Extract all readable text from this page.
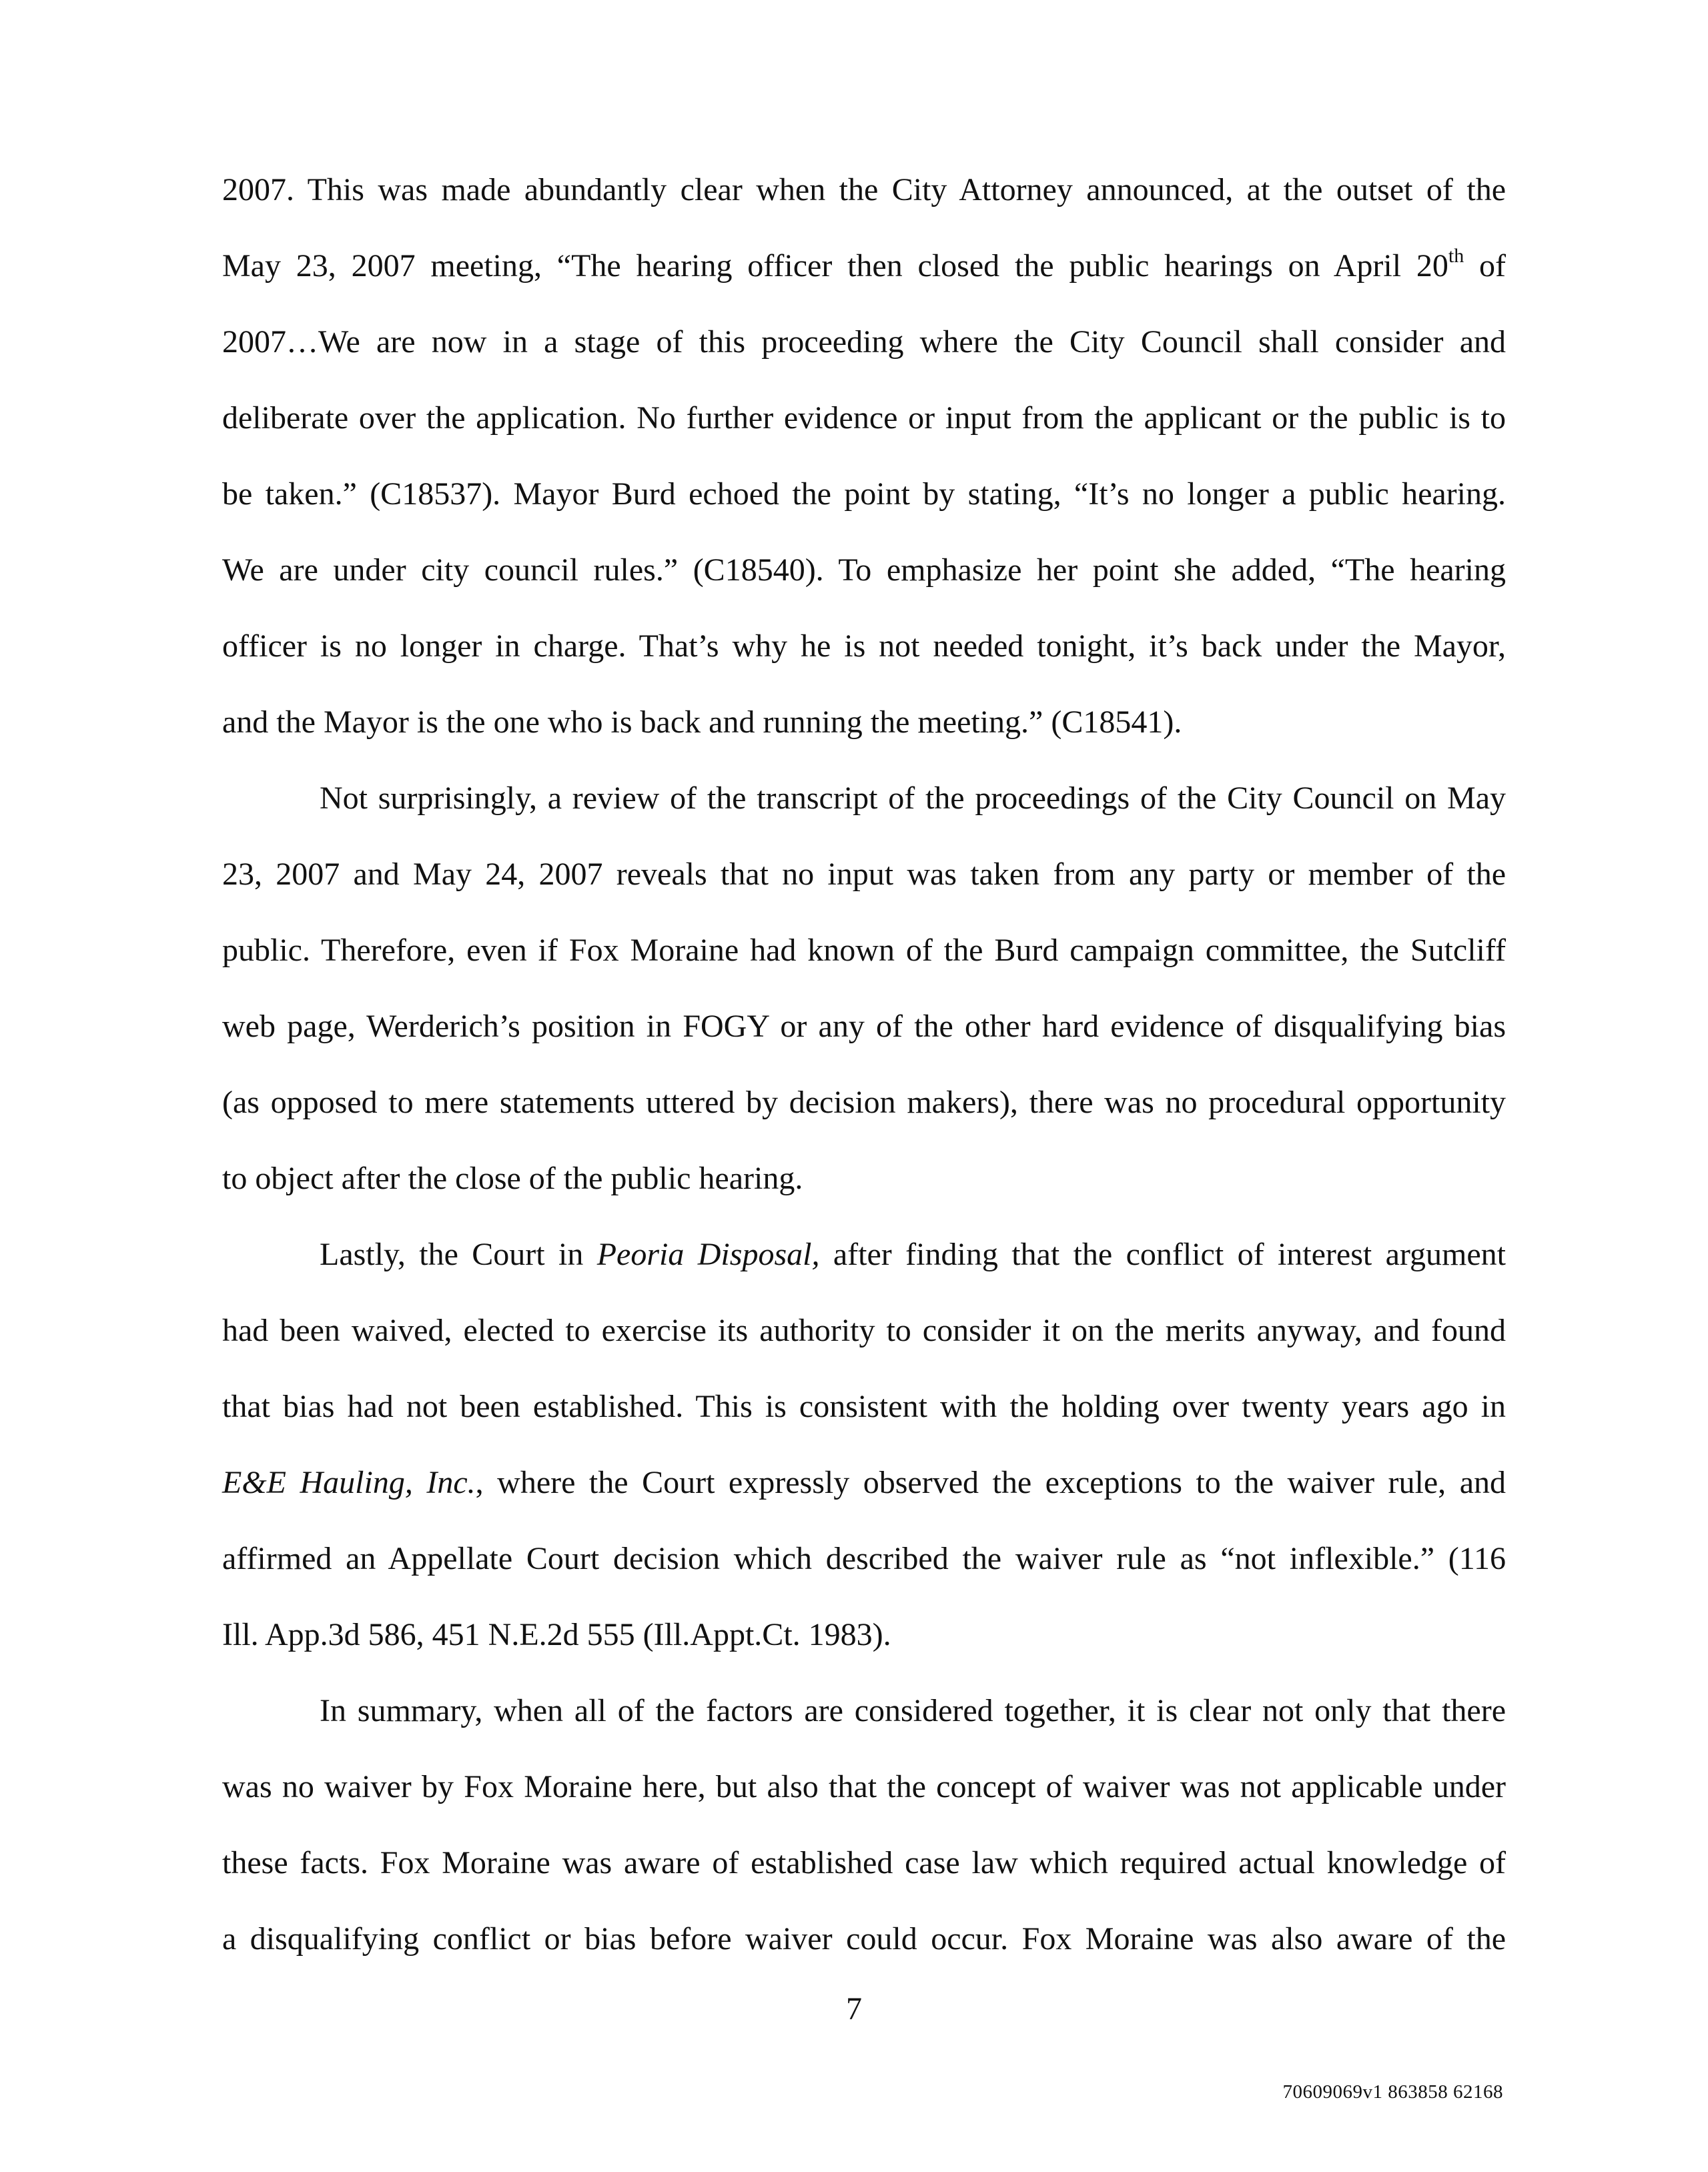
2007. This was made abundantly clear when the City Attorney announced, at the outset of the
May 23, 2007 meeting, “The hearing officer then closed the public hearings on April 20th of
2007…We are now in a stage of this proceeding where the City Council shall consider and
deliberate over the application. No further evidence or input from the applicant or the public is to
be taken.” (C18537). Mayor Burd echoed the point by stating, “It’s no longer a public hearing.
We are under city council rules.” (C18540). To emphasize her point she added, “The hearing
officer is no longer in charge. That’s why he is not needed tonight, it’s back under the Mayor,
and the Mayor is the one who is back and running the meeting.” (C18541).
Not surprisingly, a review of the transcript of the proceedings of the City Council on May
23, 2007 and May 24, 2007 reveals that no input was taken from any party or member of the
public. Therefore, even if Fox Moraine had known of the Burd campaign committee, the Sutcliff
web page, Werderich’s position in FOGY or any of the other hard evidence of disqualifying bias
(as opposed to mere statements uttered by decision makers), there was no procedural opportunity
to object after the close of the public hearing.
Lastly, the Court in Peoria Disposal, after finding that the conflict of interest argument
had been waived, elected to exercise its authority to consider it on the merits anyway, and found
that bias had not been established. This is consistent with the holding over twenty years ago in
E&E Hauling, Inc., where the Court expressly observed the exceptions to the waiver rule, and
affirmed an Appellate Court decision which described the waiver rule as “not inflexible.” (116
Ill. App.3d 586, 451 N.E.2d 555 (Ill.Appt.Ct. 1983).
In summary, when all of the factors are considered together, it is clear not only that there
was no waiver by Fox Moraine here, but also that the concept of waiver was not applicable under
these facts. Fox Moraine was aware of established case law which required actual knowledge of
a disqualifying conflict or bias before waiver could occur. Fox Moraine was also aware of the
7
70609069v1 863858 62168
